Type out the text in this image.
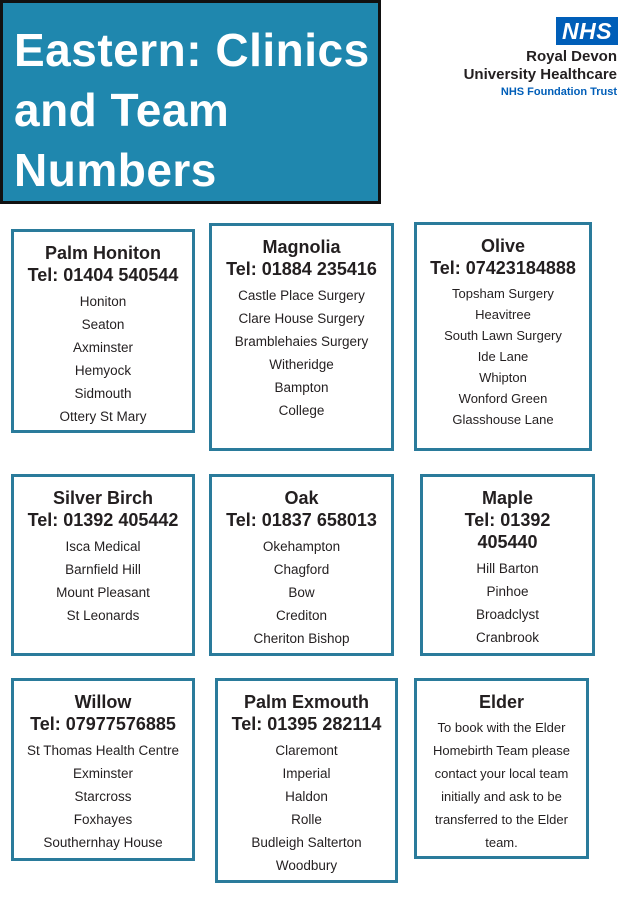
Eastern: Clinics
and Team
Numbers
NHS
Royal Devon
University Healthcare
NHS Foundation Trust
Palm Honiton
Tel: 01404 540544
Honiton
Seaton
Axminster
Hemyock
Sidmouth
Ottery St Mary
Magnolia
Tel: 01884 235416
Castle Place Surgery
Clare House Surgery
Bramblehaies Surgery
Witheridge
Bampton
College
Olive
Tel: 07423184888
Topsham Surgery
Heavitree
South Lawn Surgery
Ide Lane
Whipton
Wonford Green
Glasshouse Lane
Silver Birch
Tel: 01392 405442
Isca Medical
Barnfield Hill
Mount Pleasant
St Leonards
Oak
Tel: 01837 658013
Okehampton
Chagford
Bow
Crediton
Cheriton Bishop
Maple
Tel: 01392
405440
Hill Barton
Pinhoe
Broadclyst
Cranbrook
Willow
Tel: 07977576885
St Thomas Health Centre
Exminster
Starcross
Foxhayes
Southernhay House
Palm Exmouth
Tel: 01395 282114
Claremont
Imperial
Haldon
Rolle
Budleigh Salterton
Woodbury
Elder
To book with the Elder Homebirth Team please contact your local team initially and ask to be transferred to the Elder team.
